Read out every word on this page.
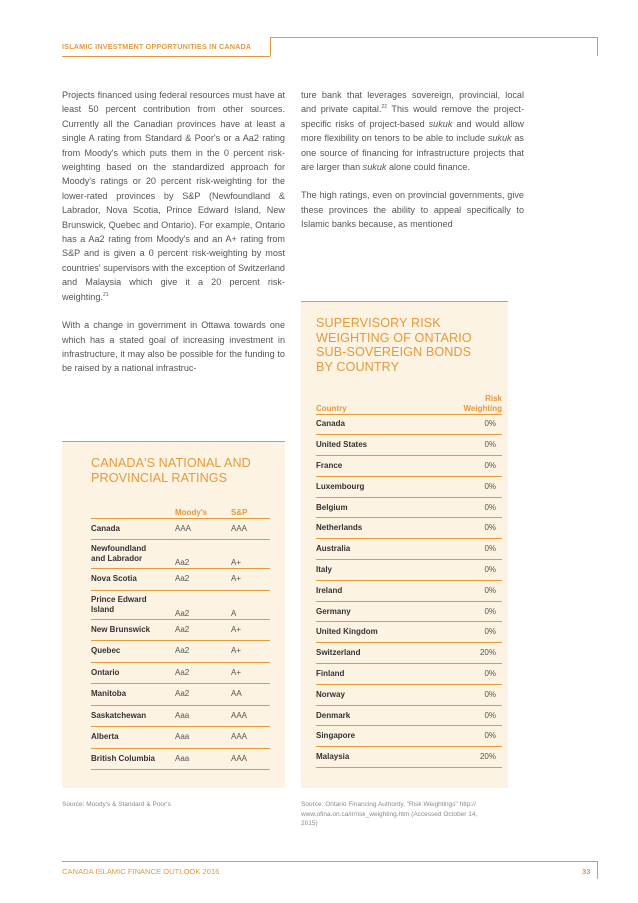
ISLAMIC INVESTMENT OPPORTUNITIES IN CANADA

Projects financed using federal resources must have at least 50 percent contribution from other sources. Currently all the Canadian provinces have at least a single A rating from Standard & Poor's or a Aa2 rating from Moody's which puts them in the 0 percent risk-weighting based on the standardized approach for Moody's ratings or 20 percent risk-weighting for the lower-rated provinces by S&P (Newfoundland & Labrador, Nova Scotia, Prince Edward Island, New Brunswick, Quebec and Ontario). For example, Ontario has a Aa2 rating from Moody's and an A+ rating from S&P and is given a 0 percent risk-weighting by most countries' supervisors with the exception of Switzerland and Malaysia which give it a 20 percent risk-weighting.$^{21}$

With a change in government in Ottawa towards one which has a stated goal of increasing investment in infrastructure, it may also be possible for the funding to be raised by a national infrastruc-

ture bank that leverages sovereign, provincial, local and private capital.$^{22}$ This would remove the project-specific risks of project-based sukuk and would allow more flexibility on tenors to be able to include sukuk as one source of financing for infrastructure projects that are larger than sukuk alone could finance.

The high ratings, even on provincial governments, give these provinces the ability to appeal specifically to Islamic banks because, as mentioned

CANADA'S NATIONAL AND
PROVINCIAL RATINGS
	Moody's	S&P

Canada	AAA	AAA

Newfoundland
and Labrador	Aa2	A+

Nova Scotia	Aa2	A+

Prince Edward
Island	Aa2	A

New Brunswick	Aa2	A+

Quebec	Aa2	A+

Ontario	Aa2	A+

Manitoba	Aa2	AA

Saskatchewan	Aaa	AAA

Alberta	Aaa	AAA

British Columbia	Aaa	AAA
Source: Moody's & Standard & Poor's
SUPERVISORY RISK
WEIGHTING OF ONTARIO
SUB-SOVEREIGN BONDS
BY COUNTRY
Country	Risk
Weighting

Canada	0%
United States	0%
France	0%
Luxembourg	0%
Belgium	0%
Netherlands	0%
Australia	0%
Italy	0%
Ireland	0%
Germany	0%
United Kingdom	0%
Switzerland	20%
Finland	0%
Norway	0%
Denmark	0%
Singapore	0%
Malaysia	20%
Source: Ontario Financing Authority, "Risk Weightings" http://
www.ofina.on.ca/ir/risk_weighting.htm (Accessed October 14,
2015)
CANADA ISLAMIC FINANCE OUTLOOK 2016	33
